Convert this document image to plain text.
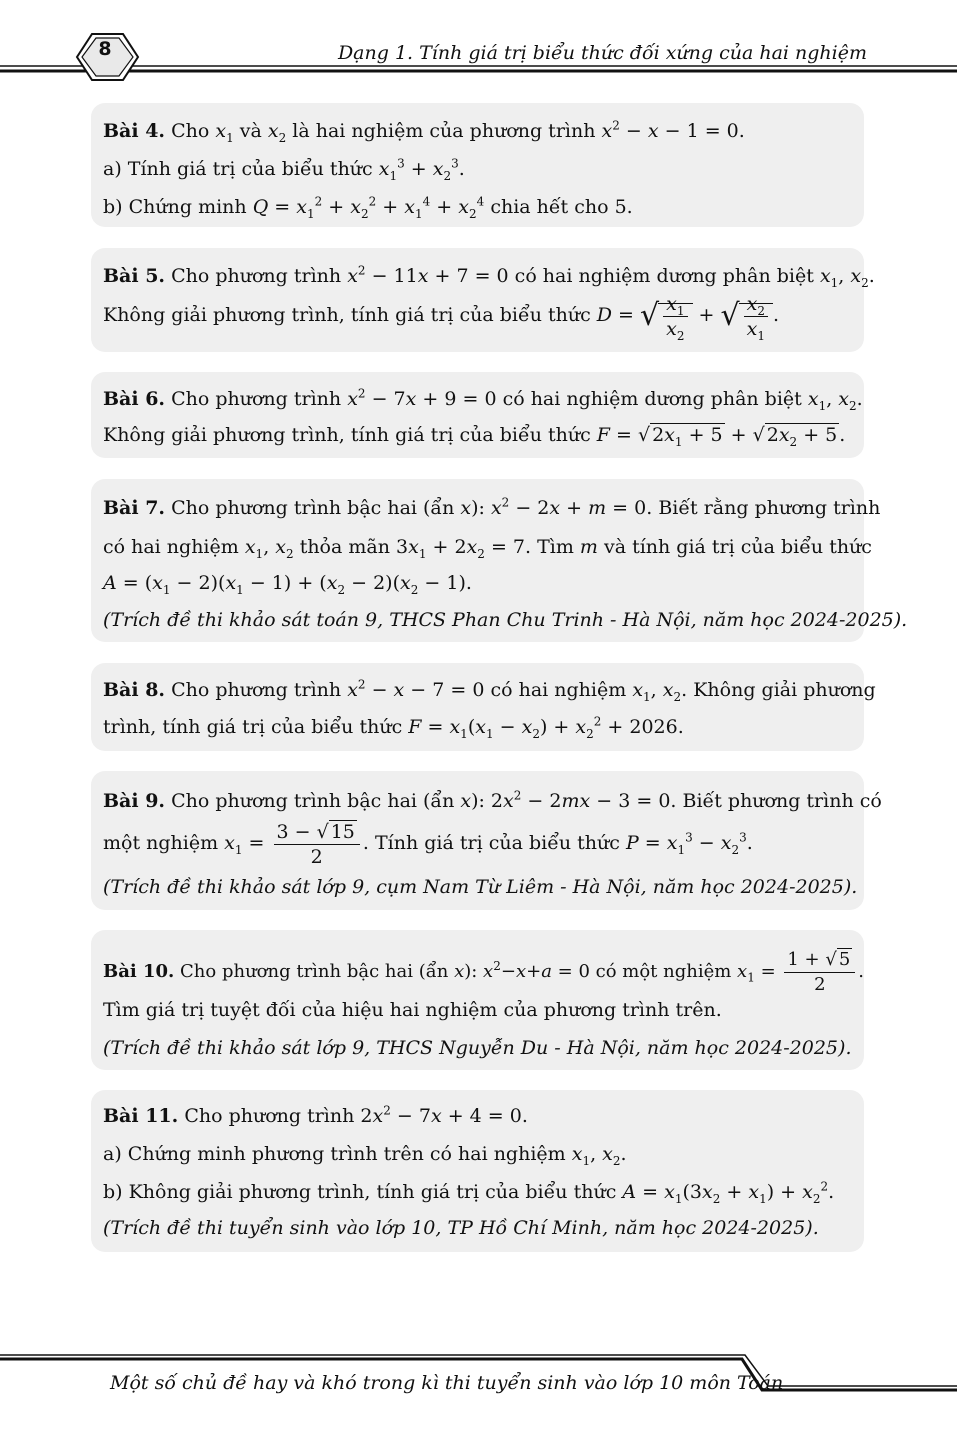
8	Dạng 1. Tính giá trị biểu thức đối xứng của hai nghiệm
Bài 4. Cho $x_1$ và $x_2$ là hai nghiệm của phương trình $x^2 - x - 1 = 0$.
a) Tính giá trị của biểu thức $x_1^3 + x_2^3$.
b) Chứng minh $Q = x_1^2 + x_2^2 + x_1^4 + x_2^4$ chia hết cho 5.
Bài 5. Cho phương trình $x^2 - 11x + 7 = 0$ có hai nghiệm dương phân biệt $x_1$, $x_2$.
Không giải phương trình, tính giá trị của biểu thức D = √ $\frac{x_1}{x_2}$ + √ $\frac{x_2}{x_1}$ .
Bài 6. Cho phương trình $x^2 - 7x + 9 = 0$ có hai nghiệm dương phân biệt $x_1$, $x_2$.
Không giải phương trình, tính giá trị của biểu thức F = √ $2x_1 + 5$ + √ $2x_2 + 5$ .
Bài 7. Cho phương trình bậc hai (ẩn x): $x^2 - 2x + m = 0$. Biết rằng phương trình
có hai nghiệm $x_1$, $x_2$ thỏa mãn $3x_1 + 2x_2 = 7$. Tìm m và tính giá trị của biểu thức
$A = (x_1 - 2)(x_1 - 1) + (x_2 - 2)(x_2 - 1)$.
(Trích đề thi khảo sát toán 9, THCS Phan Chu Trinh - Hà Nội, năm học 2024-2025).
Bài 8. Cho phương trình $x^2 - x - 7 = 0$ có hai nghiệm $x_1$, $x_2$. Không giải phương
trình, tính giá trị của biểu thức $F = x_1(x_1 - x_2) + x_2^2 + 2026$.
Bài 9. Cho phương trình bậc hai (ẩn x): $2x^2 - 2mx - 3 = 0$. Biết phương trình có
một nghiệm $x_1 = \frac{3 - √ 15}{2}$ . Tính giá trị của biểu thức $P = x_1^3 - x_2^3$.
(Trích đề thi khảo sát lớp 9, cụm Nam Từ Liêm - Hà Nội, năm học 2024-2025).
Bài 10. Cho phương trình bậc hai (ẩn x): $x^2-x+a = 0$ có một nghiệm $x_1 = \frac{1 + √ 5}{2}$ .
Tìm giá trị tuyệt đối của hiệu hai nghiệm của phương trình trên.
(Trích đề thi khảo sát lớp 9, THCS Nguyễn Du - Hà Nội, năm học 2024-2025).
Bài 11. Cho phương trình $2x^2 - 7x + 4 = 0$.
a) Chứng minh phương trình trên có hai nghiệm $x_1$, $x_2$.
b) Không giải phương trình, tính giá trị của biểu thức $A = x_1(3x_2 + x_1) + x_2^2$.
(Trích đề thi tuyển sinh vào lớp 10, TP Hồ Chí Minh, năm học 2024-2025).
Một số chủ đề hay và khó trong kì thi tuyển sinh vào lớp 10 môn Toán
